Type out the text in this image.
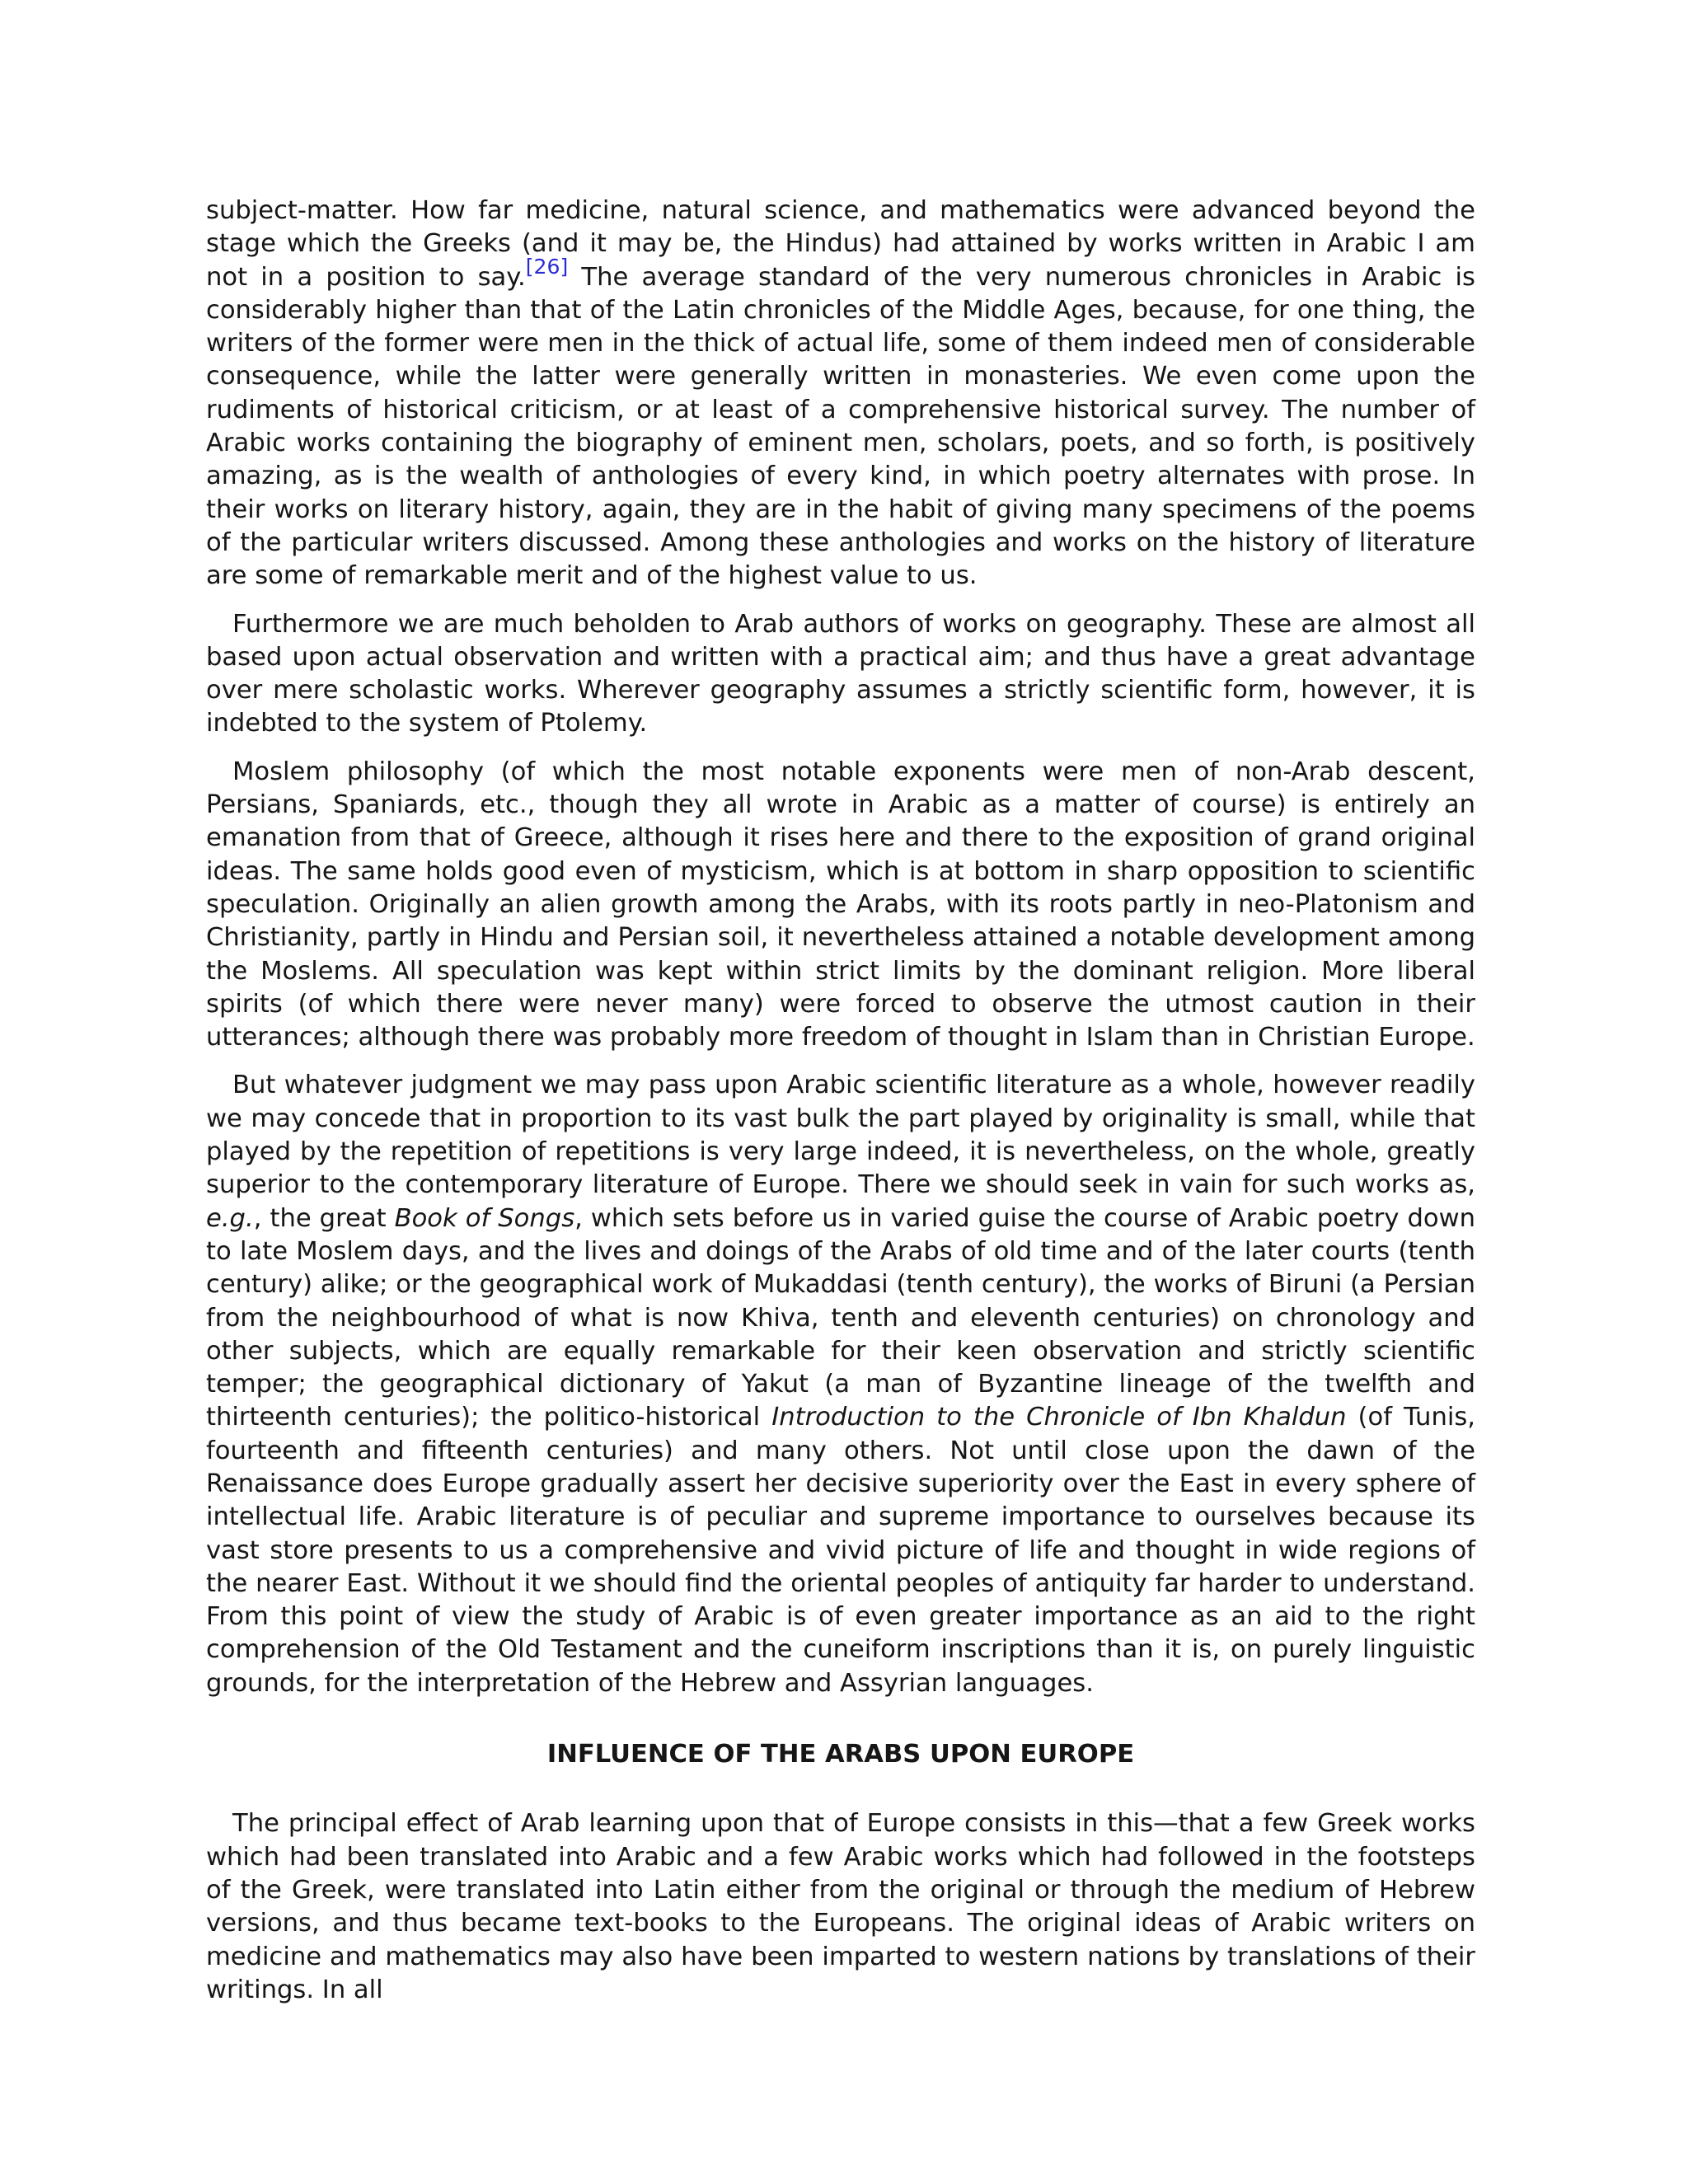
subject-matter. How far medicine, natural science, and mathematics were advanced beyond the stage which the Greeks (and it may be, the Hindus) had attained by works written in Arabic I am not in a position to say.[26] The average standard of the very numerous chronicles in Arabic is considerably higher than that of the Latin chronicles of the Middle Ages, because, for one thing, the writers of the former were men in the thick of actual life, some of them indeed men of considerable consequence, while the latter were generally written in monasteries. We even come upon the rudiments of historical criticism, or at least of a comprehensive historical survey. The number of Arabic works containing the biography of eminent men, scholars, poets, and so forth, is positively amazing, as is the wealth of anthologies of every kind, in which poetry alternates with prose. In their works on literary history, again, they are in the habit of giving many specimens of the poems of the particular writers discussed. Among these anthologies and works on the history of literature are some of remarkable merit and of the highest value to us.

Furthermore we are much beholden to Arab authors of works on geography. These are almost all based upon actual observation and written with a practical aim; and thus have a great advantage over mere scholastic works. Wherever geography assumes a strictly scientific form, however, it is indebted to the system of Ptolemy.

Moslem philosophy (of which the most notable exponents were men of non-Arab descent, Persians, Spaniards, etc., though they all wrote in Arabic as a matter of course) is entirely an emanation from that of Greece, although it rises here and there to the exposition of grand original ideas. The same holds good even of mysticism, which is at bottom in sharp opposition to scientific speculation. Originally an alien growth among the Arabs, with its roots partly in neo-Platonism and Christianity, partly in Hindu and Persian soil, it nevertheless attained a notable development among the Moslems. All speculation was kept within strict limits by the dominant religion. More liberal spirits (of which there were never many) were forced to observe the utmost caution in their utterances; although there was probably more freedom of thought in Islam than in Christian Europe.

But whatever judgment we may pass upon Arabic scientific literature as a whole, however readily we may concede that in proportion to its vast bulk the part played by originality is small, while that played by the repetition of repetitions is very large indeed, it is nevertheless, on the whole, greatly superior to the contemporary literature of Europe. There we should seek in vain for such works as, e.g., the great Book of Songs, which sets before us in varied guise the course of Arabic poetry down to late Moslem days, and the lives and doings of the Arabs of old time and of the later courts (tenth century) alike; or the geographical work of Mukaddasi (tenth century), the works of Biruni (a Persian from the neighbourhood of what is now Khiva, tenth and eleventh centuries) on chronology and other subjects, which are equally remarkable for their keen observation and strictly scientific temper; the geographical dictionary of Yakut (a man of Byzantine lineage of the twelfth and thirteenth centuries); the politico-historical Introduction to the Chronicle of Ibn Khaldun (of Tunis, fourteenth and fifteenth centuries) and many others. Not until close upon the dawn of the Renaissance does Europe gradually assert her decisive superiority over the East in every sphere of intellectual life. Arabic literature is of peculiar and supreme importance to ourselves because its vast store presents to us a comprehensive and vivid picture of life and thought in wide regions of the nearer East. Without it we should find the oriental peoples of antiquity far harder to understand. From this point of view the study of Arabic is of even greater importance as an aid to the right comprehension of the Old Testament and the cuneiform inscriptions than it is, on purely linguistic grounds, for the interpretation of the Hebrew and Assyrian languages.

INFLUENCE OF THE ARABS UPON EUROPE

The principal effect of Arab learning upon that of Europe consists in this—that a few Greek works which had been translated into Arabic and a few Arabic works which had followed in the footsteps of the Greek, were translated into Latin either from the original or through the medium of Hebrew versions, and thus became text-books to the Europeans. The original ideas of Arabic writers on medicine and mathematics may also have been imparted to western nations by translations of their writings. In all
